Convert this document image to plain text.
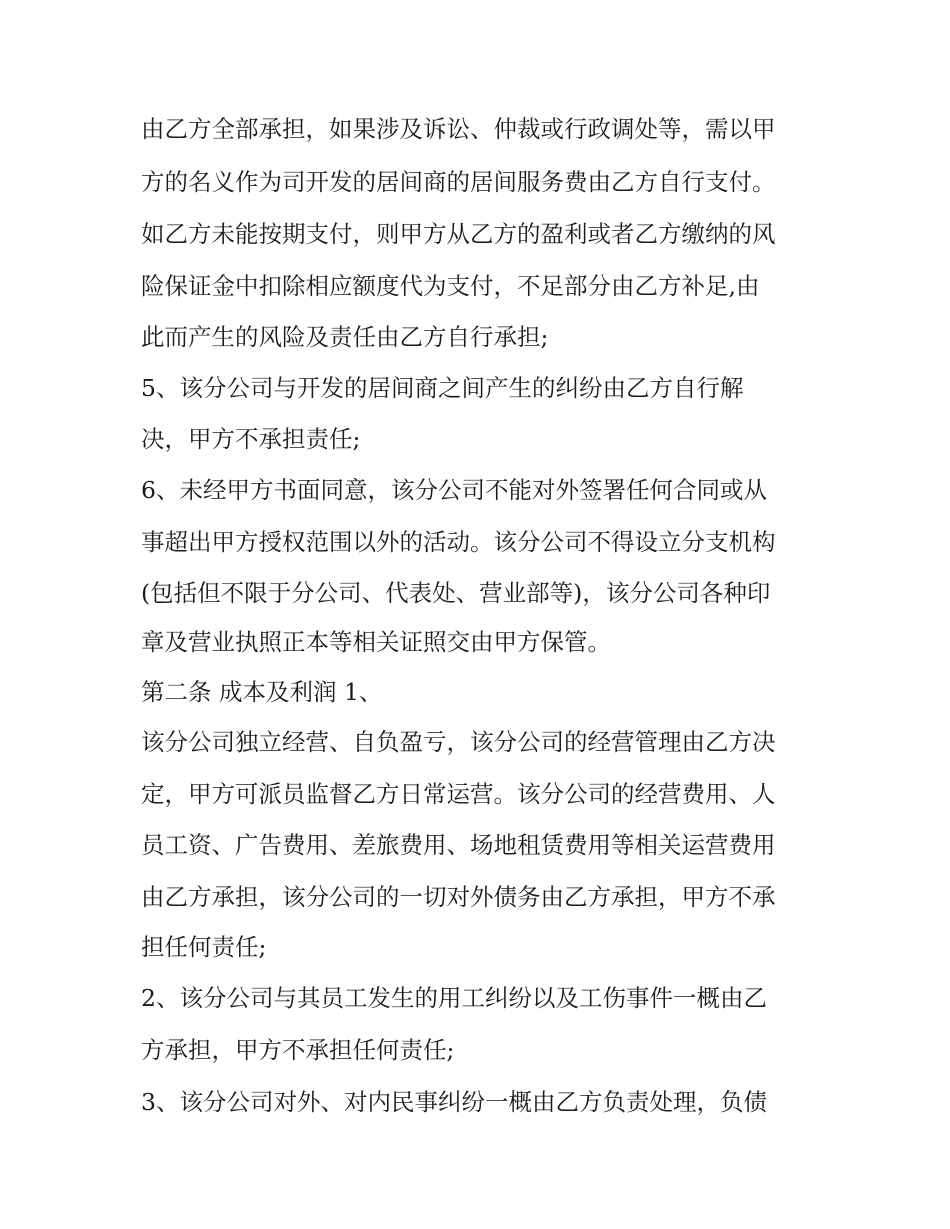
由乙方全部承担，如果涉及诉讼、仲裁或行政调处等，需以甲
方的名义作为司开发的居间商的居间服务费由乙方自行支付。
如乙方未能按期支付，则甲方从乙方的盈利或者乙方缴纳的风
险保证金中扣除相应额度代为支付，不足部分由乙方补足,由
此而产生的风险及责任由乙方自行承担;
5、该分公司与开发的居间商之间产生的纠纷由乙方自行解
决，甲方不承担责任;
6、未经甲方书面同意，该分公司不能对外签署任何合同或从
事超出甲方授权范围以外的活动。该分公司不得设立分支机构
(包括但不限于分公司、代表处、营业部等)，该分公司各种印
章及营业执照正本等相关证照交由甲方保管。
第二条 成本及利润 1、
该分公司独立经营、自负盈亏，该分公司的经营管理由乙方决
定，甲方可派员监督乙方日常运营。该分公司的经营费用、人
员工资、广告费用、差旅费用、场地租赁费用等相关运营费用
由乙方承担，该分公司的一切对外债务由乙方承担，甲方不承
担任何责任;
2、该分公司与其员工发生的用工纠纷以及工伤事件一概由乙
方承担，甲方不承担任何责任;
3、该分公司对外、对内民事纠纷一概由乙方负责处理，负债
